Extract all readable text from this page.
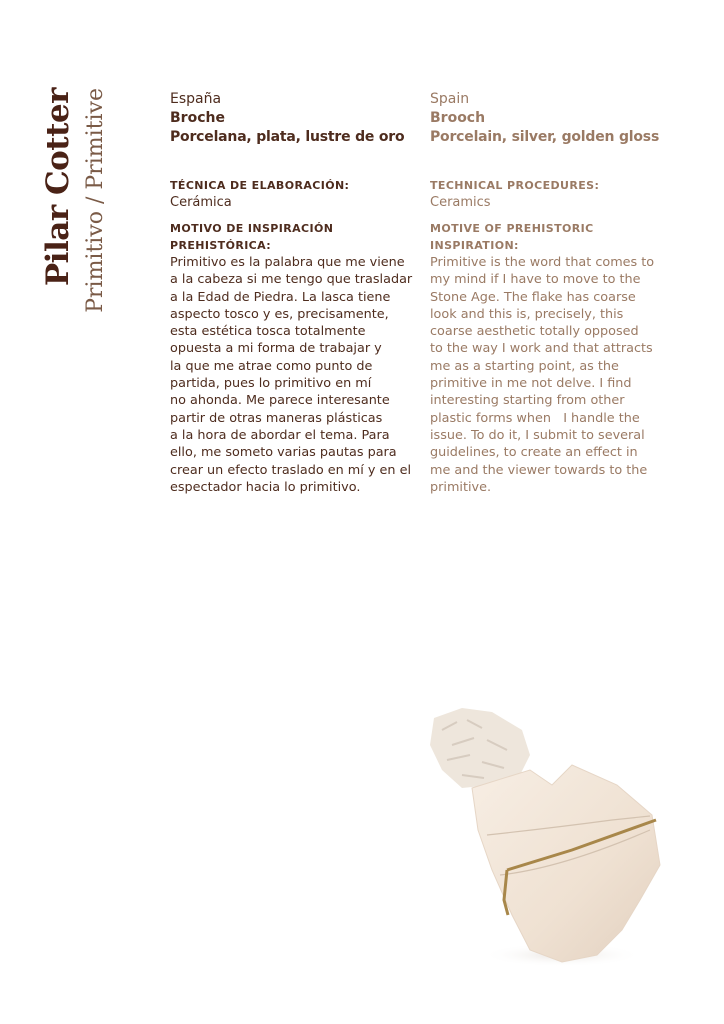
Pilar Cotter Primitivo / Primitive	España
Broche
Porcelana, plata, lustre de oro
TÉCNICA DE ELABORACIÓN:
Cerámica
MOTIVO DE INSPIRACIÓN
PREHISTÓRICA:
Primitivo es la palabra que me viene
a la cabeza si me tengo que trasladar
a la Edad de Piedra. La lasca tiene
aspecto tosco y es, precisamente,
esta estética tosca totalmente
opuesta a mi forma de trabajar y
la que me atrae como punto de
partida, pues lo primitivo en mí
no ahonda. Me parece interesante
partir de otras maneras plásticas
a la hora de abordar el tema. Para
ello, me someto varias pautas para
crear un efecto traslado en mí y en el
espectador hacia lo primitivo.
Spain
Brooch
Porcelain, silver, golden gloss
TECHNICAL PROCEDURES:
Ceramics
MOTIVE OF PREHISTORIC
INSPIRATION:
Primitive is the word that comes to
my mind if I have to move to the
Stone Age. The flake has coarse
look and this is, precisely, this
coarse aesthetic totally opposed
to the way I work and that attracts
me as a starting point, as the
primitive in me not delve. I find
interesting starting from other
plastic forms when   I handle the
issue. To do it, I submit to several
guidelines, to create an effect in
me and the viewer towards to the
primitive.
